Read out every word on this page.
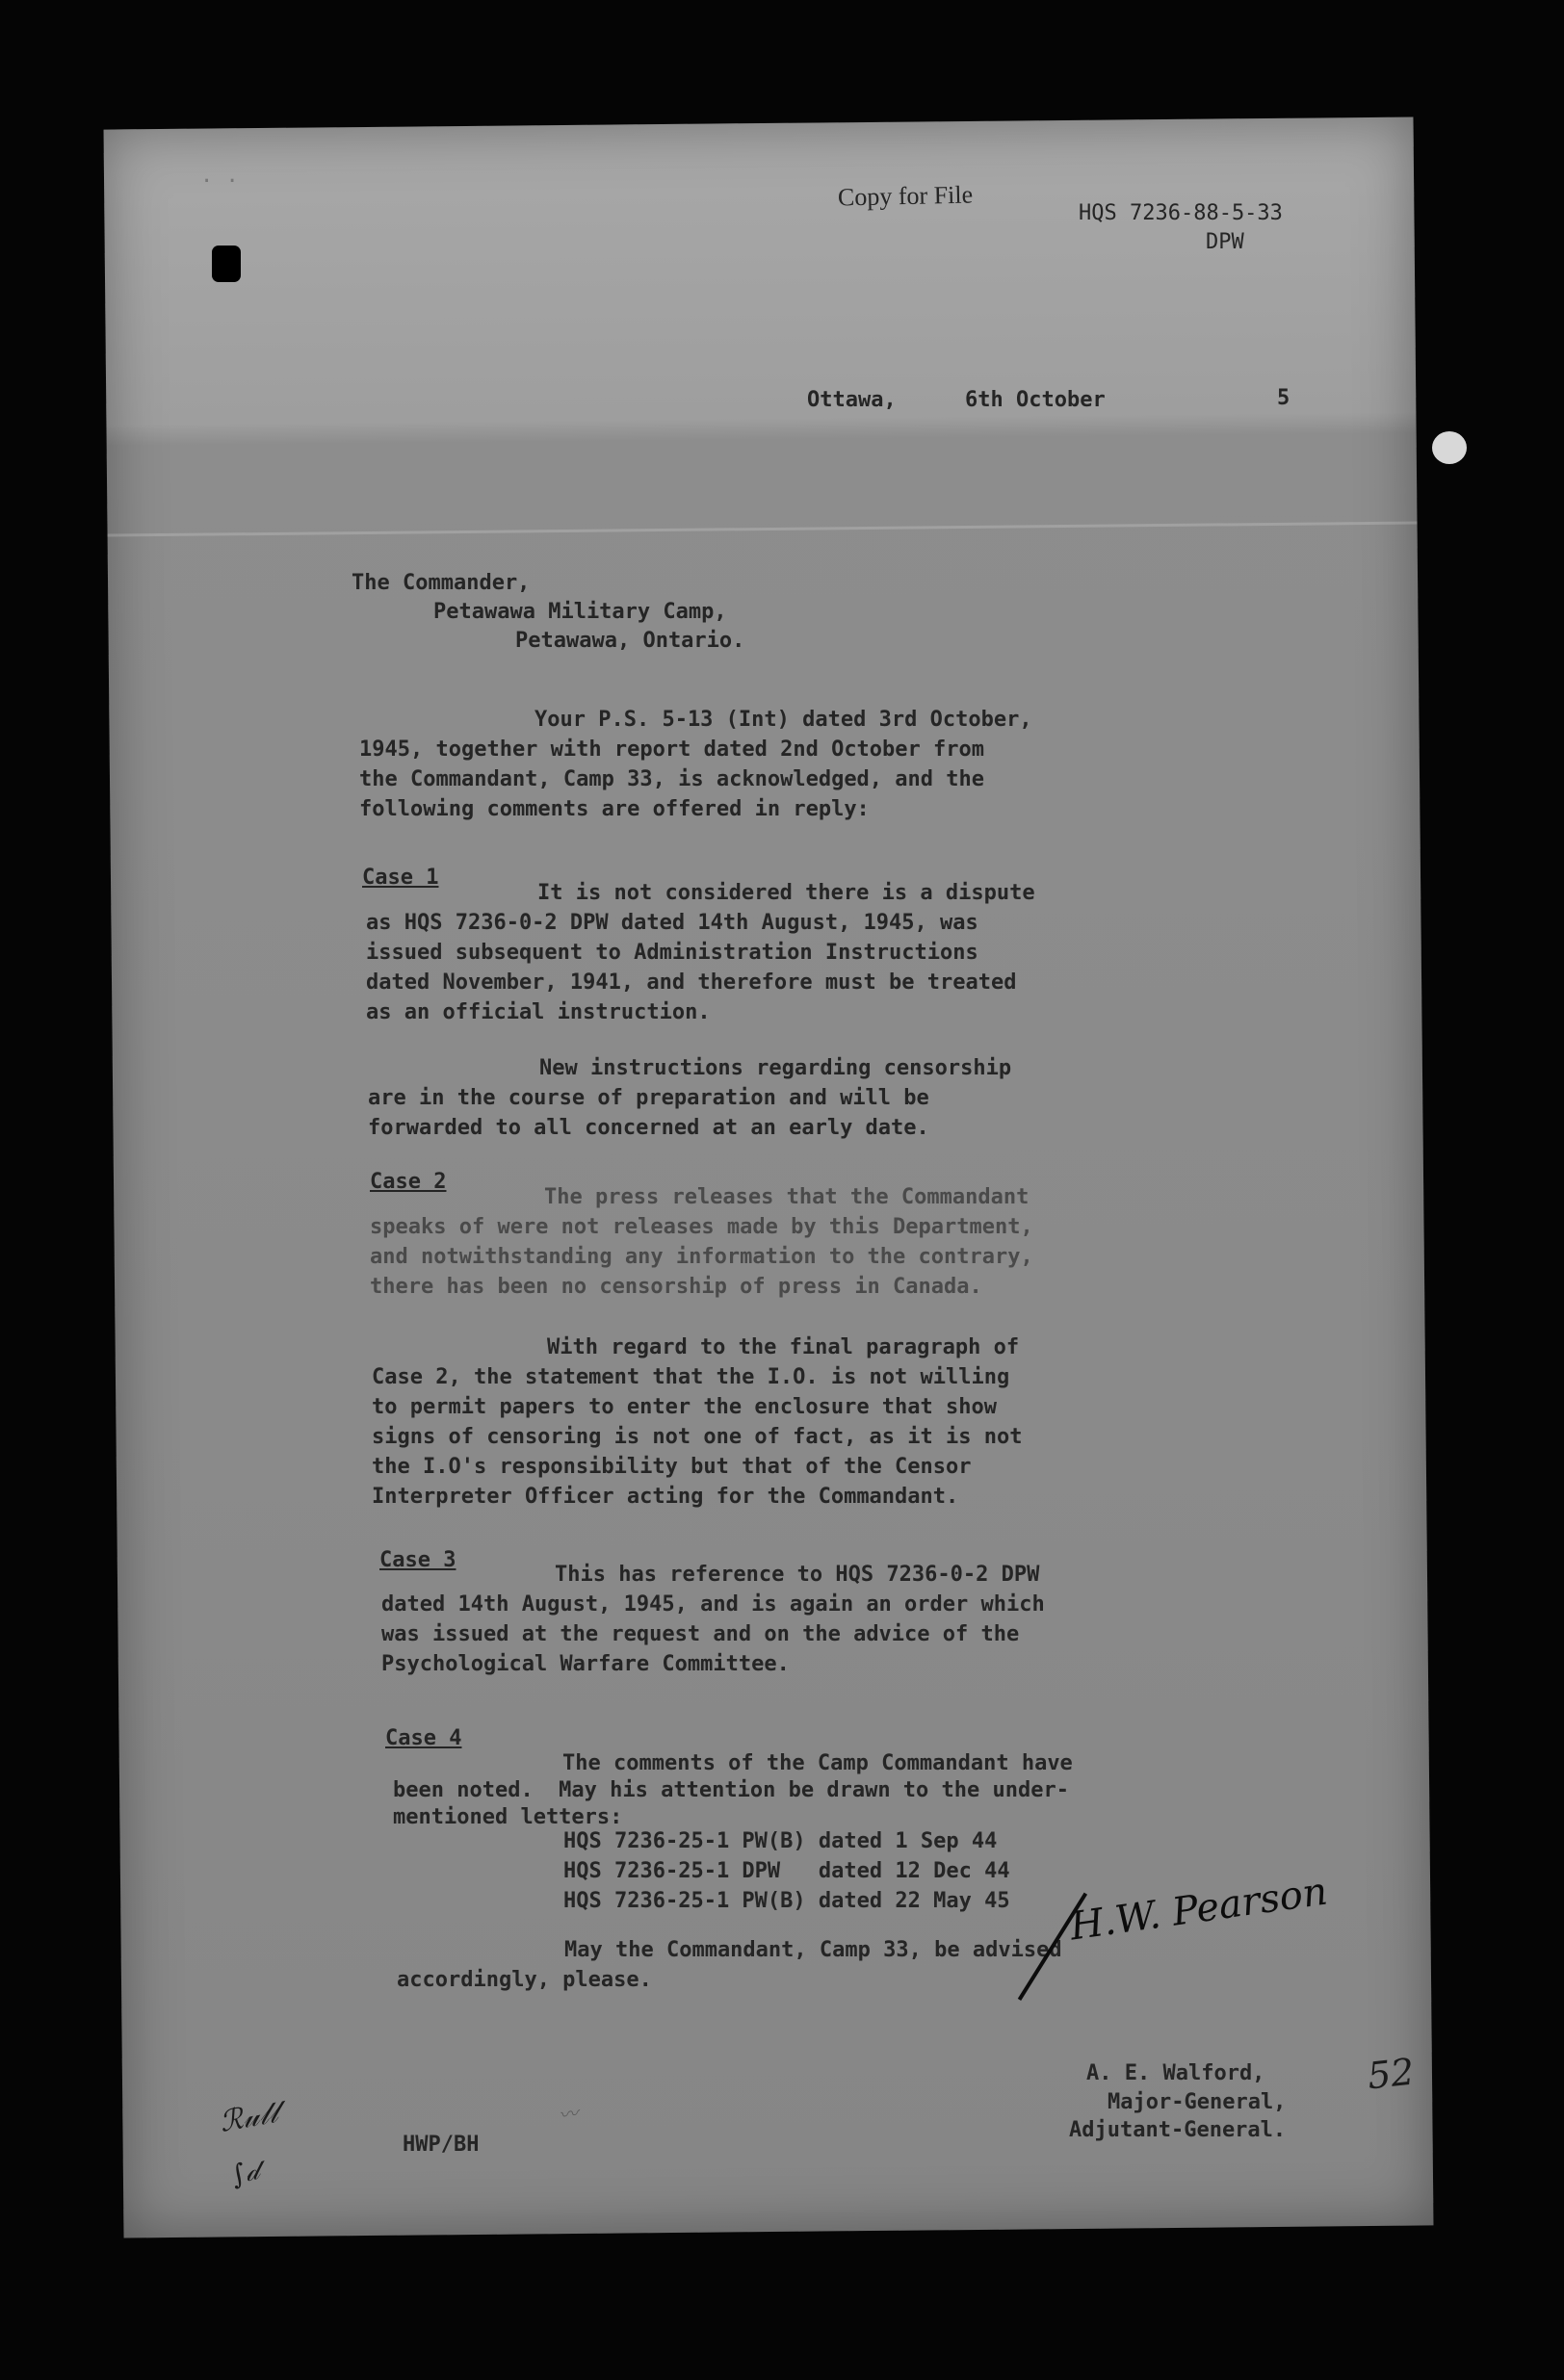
· ·	Copy for File
HQS 7236-88-5-33
DPW
Ottawa,	6th October	5
The Commander,
Petawawa Military Camp,
Petawawa, Ontario.
Your P.S. 5-13 (Int) dated 3rd October,
1945, together with report dated 2nd October from
the Commandant, Camp 33, is acknowledged, and the
following comments are offered in reply:
Case 1
It is not considered there is a dispute
as HQS 7236-0-2 DPW dated 14th August, 1945, was
issued subsequent to Administration Instructions
dated November, 1941, and therefore must be treated
as an official instruction.
New instructions regarding censorship
are in the course of preparation and will be
forwarded to all concerned at an early date.
Case 2
The press releases that the Commandant
speaks of were not releases made by this Department,
and notwithstanding any information to the contrary,
there has been no censorship of press in Canada.
With regard to the final paragraph of
Case 2, the statement that the I.O. is not willing
to permit papers to enter the enclosure that show
signs of censoring is not one of fact, as it is not
the I.O's responsibility but that of the Censor
Interpreter Officer acting for the Commandant.
Case 3
This has reference to HQS 7236-0-2 DPW
dated 14th August, 1945, and is again an order which
was issued at the request and on the advice of the
Psychological Warfare Committee.
Case 4
The comments of the Camp Commandant have
been noted.  May his attention be drawn to the under-
mentioned letters:
HQS 7236-25-1 PW(B) dated 1 Sep 44
HQS 7236-25-1 DPW   dated 12 Dec 44
HQS 7236-25-1 PW(B) dated 22 May 45
May the Commandant, Camp 33, be advised
accordingly, please.
H.W. Pearson
52
A. E. Walford,
Major-General,
Adjutant-General.
HWP/BH
ℛ𝓊𝓁𝓁
∫𝒹
〰
